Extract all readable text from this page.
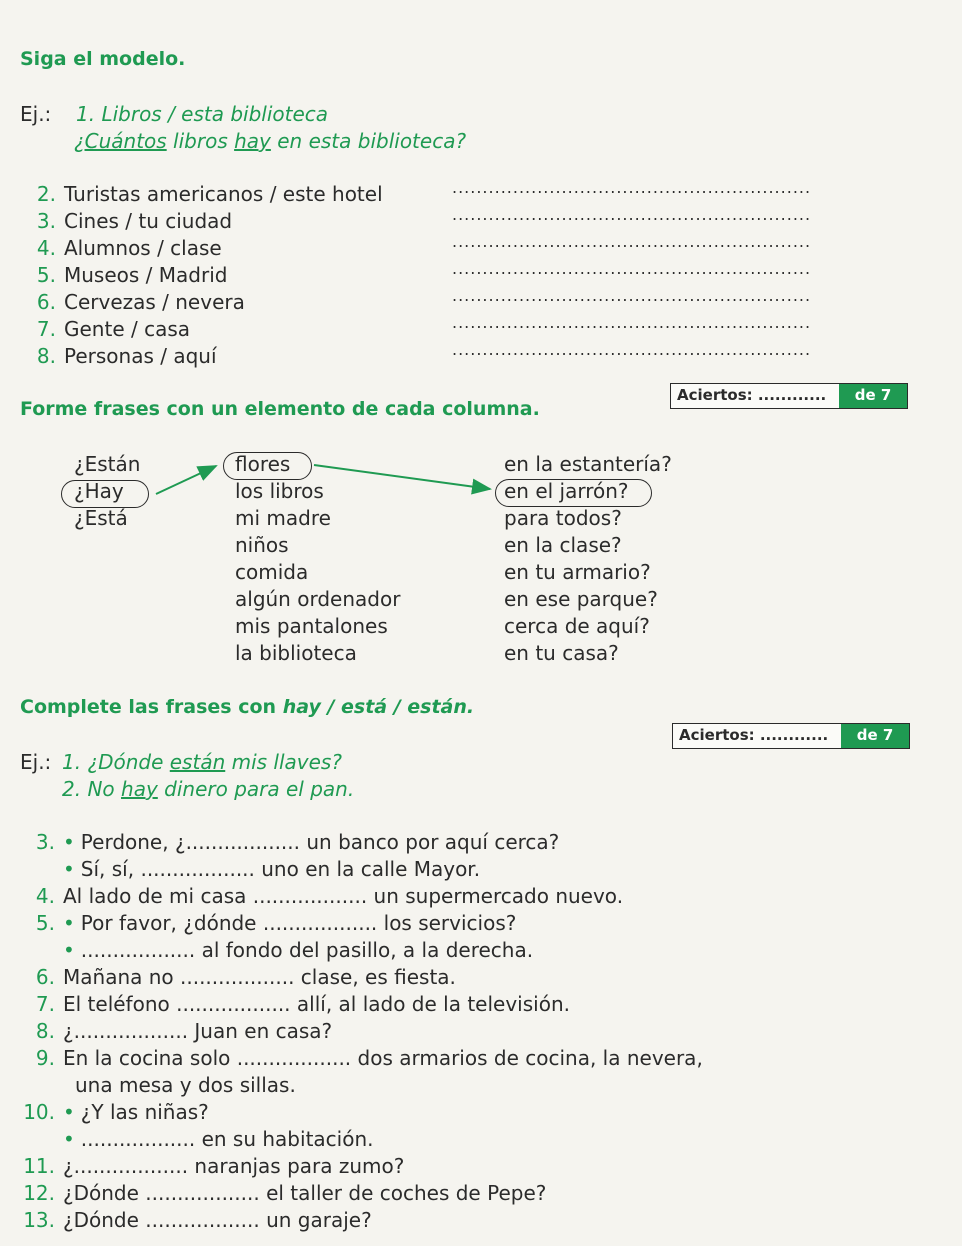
Siga el modelo.
Ej.: 1. Libros / esta biblioteca
¿Cuántos libros hay en esta biblioteca?
2. Turistas americanos / este hotel	...........................................................
3. Cines / tu ciudad	...........................................................
4. Alumnos / clase	...........................................................
5. Museos / Madrid	...........................................................
6. Cervezas / nevera	...........................................................
7. Gente / casa	...........................................................
8. Personas / aquí	...........................................................
Aciertos: ............	de 7
Forme frases con un elemento de cada columna.
¿Están
¿Hay
¿Está
flores
los libros
mi madre
niños
comida
algún ordenador
mis pantalones
la biblioteca
en la estantería?
en el jarrón?
para todos?
en la clase?
en tu armario?
en ese parque?
cerca de aquí?
en tu casa?
Complete las frases con hay / está / están.
Aciertos: ............	de 7
Ej.: 1. ¿Dónde están mis llaves?
2. No hay dinero para el pan.
3. • Perdone, ¿.................. un banco por aquí cerca?
• Sí, sí, .................. uno en la calle Mayor.
4. Al lado de mi casa .................. un supermercado nuevo.
5. • Por favor, ¿dónde .................. los servicios?
• .................. al fondo del pasillo, a la derecha.
6. Mañana no .................. clase, es fiesta.
7. El teléfono .................. allí, al lado de la televisión.
8. ¿.................. Juan en casa?
9. En la cocina solo .................. dos armarios de cocina, la nevera,
una mesa y dos sillas.
10. • ¿Y las niñas?
• .................. en su habitación.
11. ¿.................. naranjas para zumo?
12. ¿Dónde .................. el taller de coches de Pepe?
13. ¿Dónde .................. un garaje?
